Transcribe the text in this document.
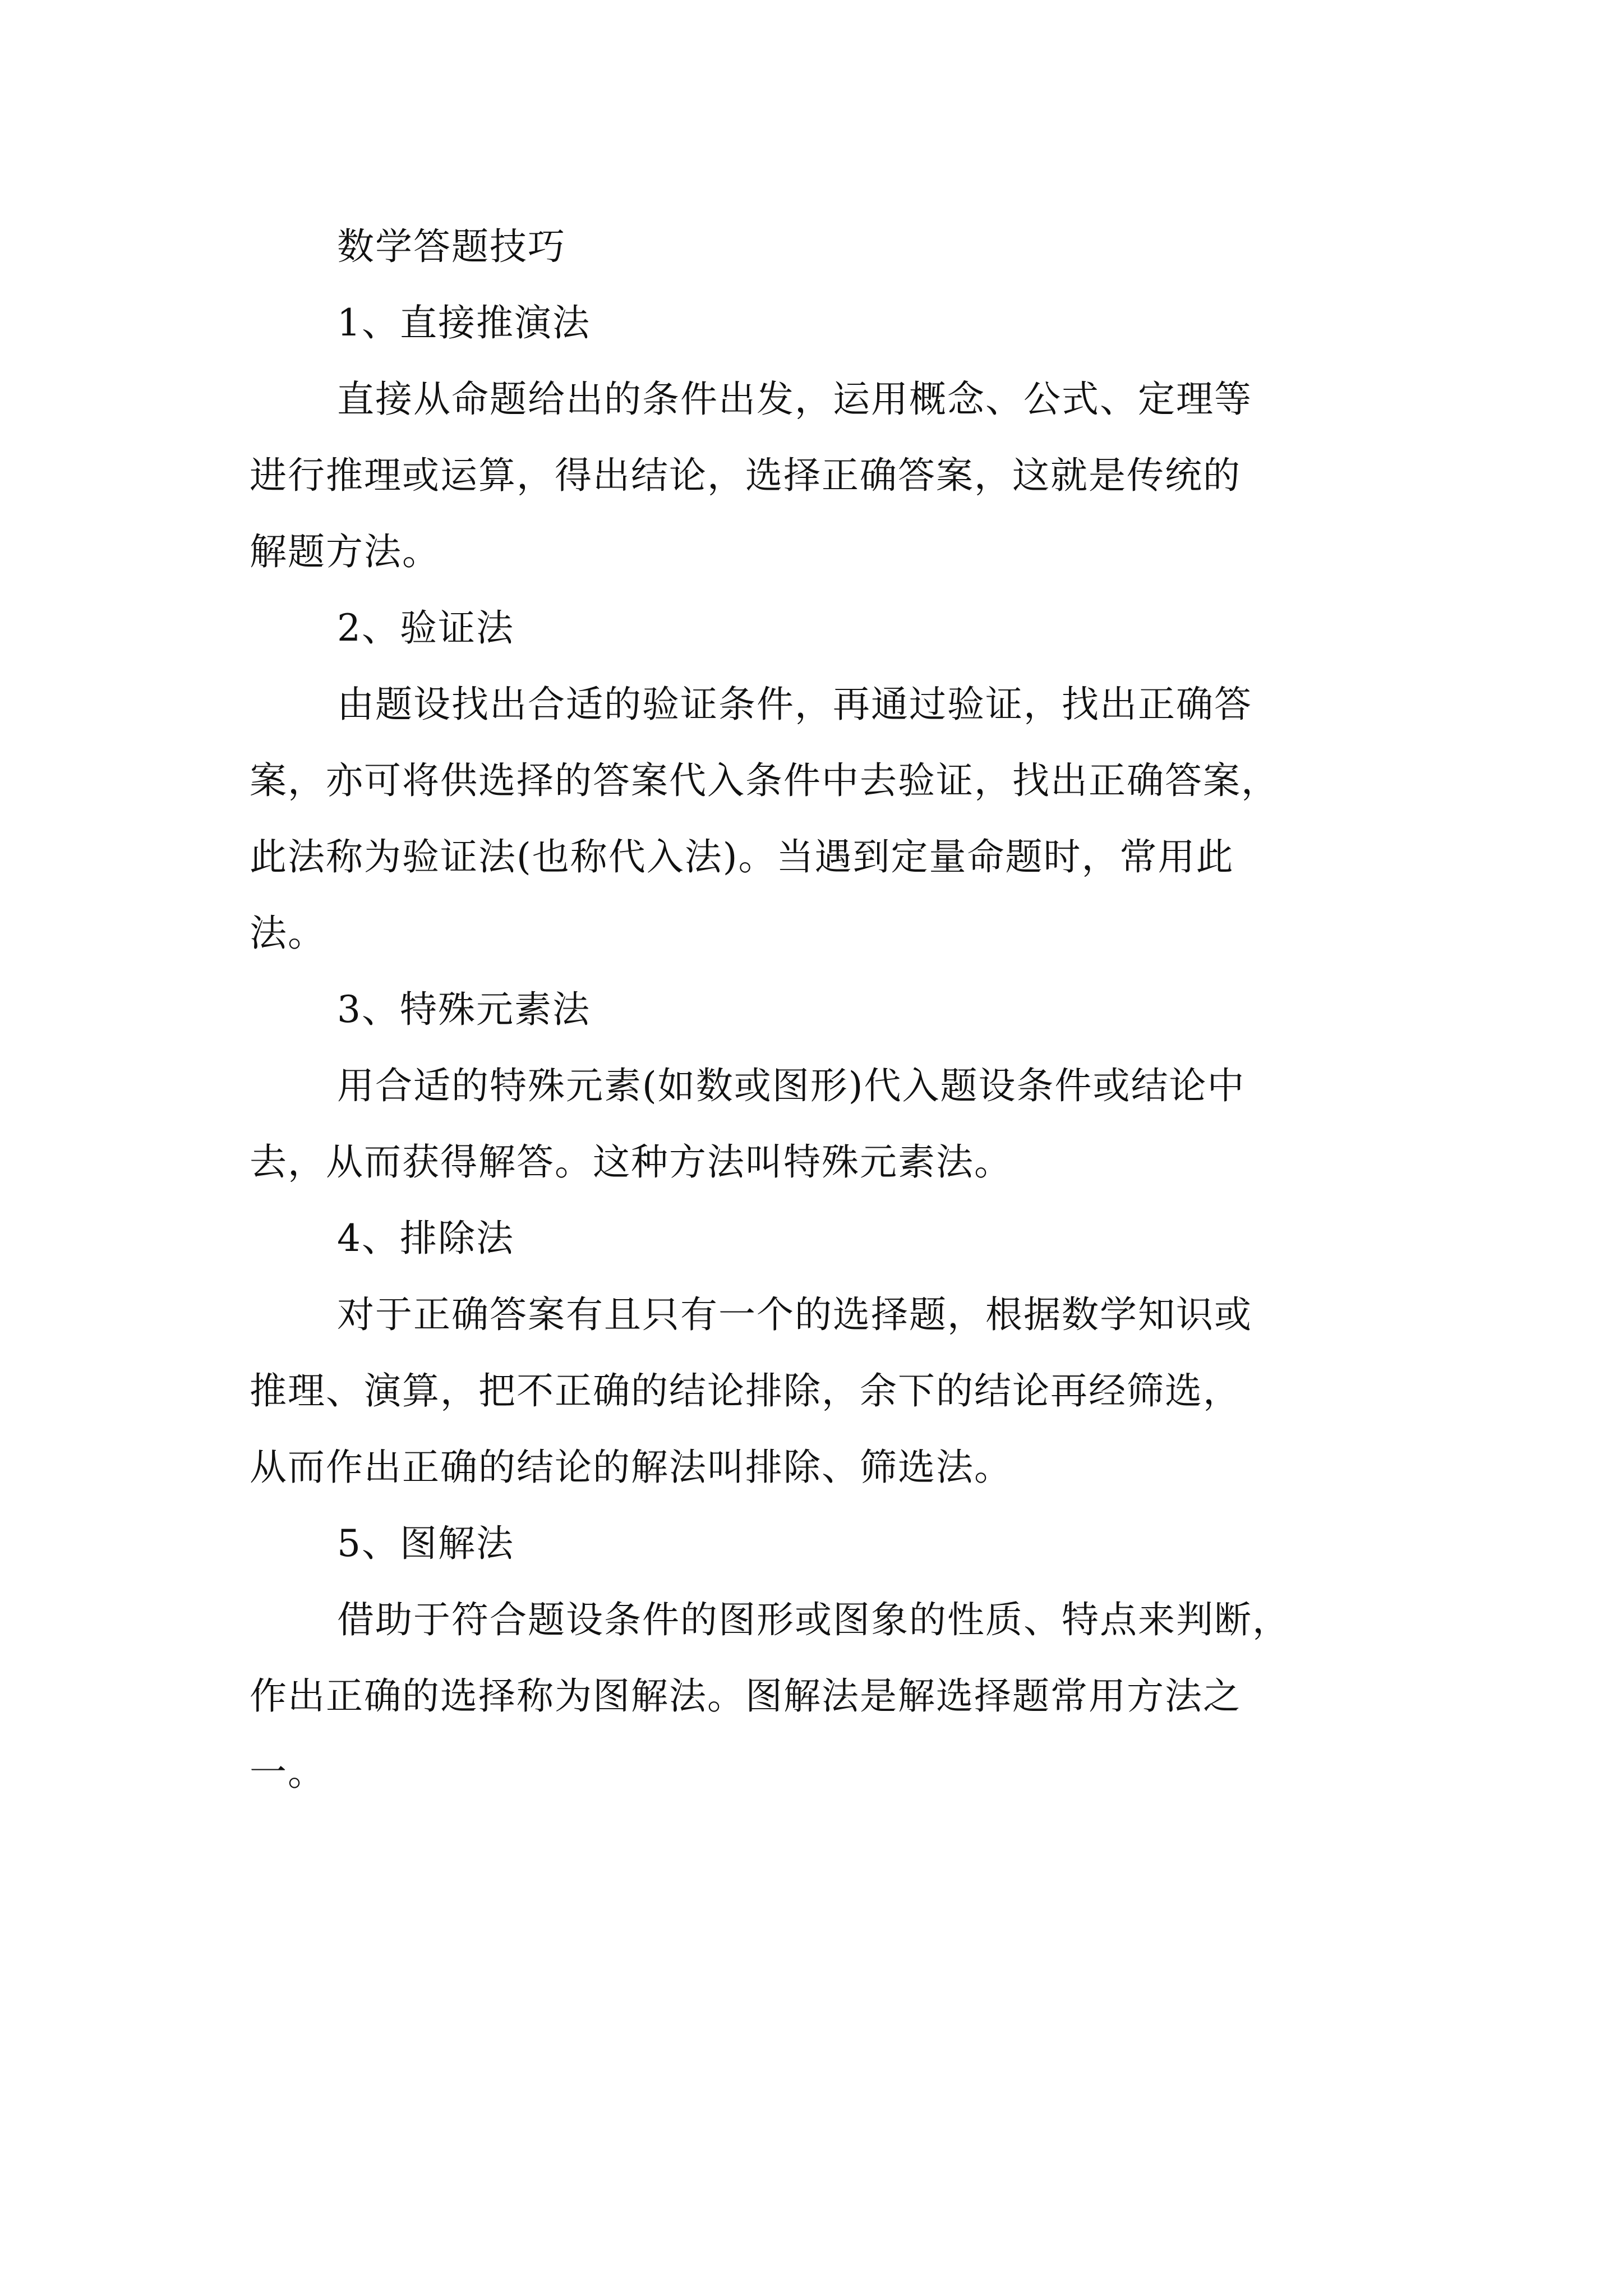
数学答题技巧

1、直接推演法

直接从命题给出的条件出发，运用概念、公式、定理等

进行推理或运算，得出结论，选择正确答案，这就是传统的

解题方法。

2、验证法

由题设找出合适的验证条件，再通过验证，找出正确答

案，亦可将供选择的答案代入条件中去验证，找出正确答案，

此法称为验证法(也称代入法)。当遇到定量命题时，常用此

法。

3、特殊元素法

用合适的特殊元素(如数或图形)代入题设条件或结论中

去，从而获得解答。这种方法叫特殊元素法。

4、排除法

对于正确答案有且只有一个的选择题，根据数学知识或

推理、演算，把不正确的结论排除，余下的结论再经筛选，

从而作出正确的结论的解法叫排除、筛选法。

5、图解法

借助于符合题设条件的图形或图象的性质、特点来判断，

作出正确的选择称为图解法。图解法是解选择题常用方法之

一。
